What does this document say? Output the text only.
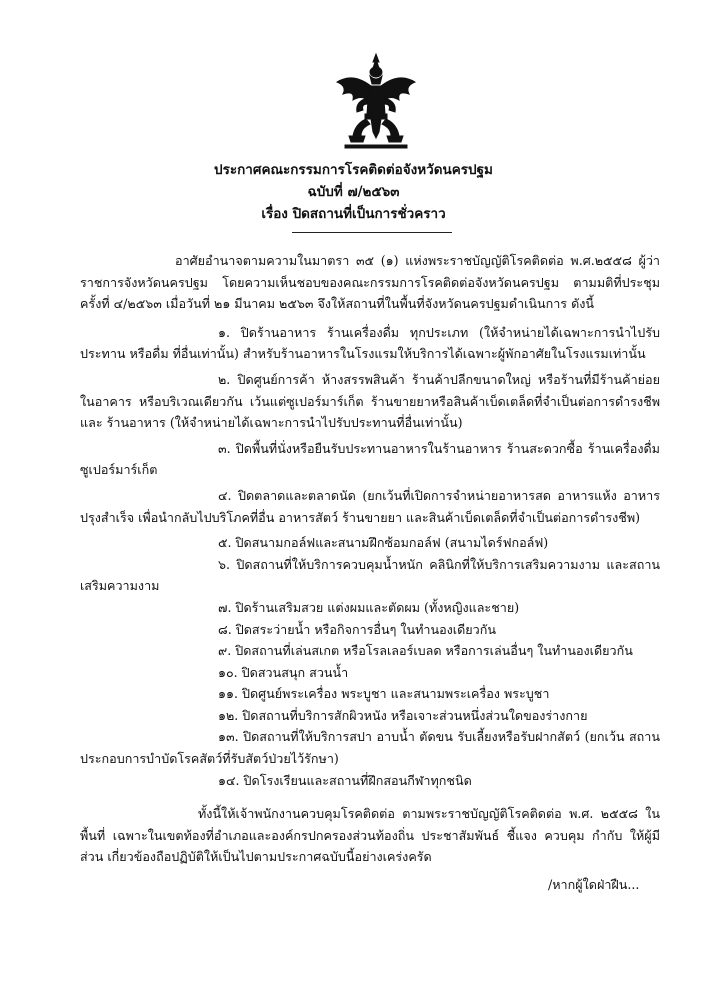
ประกาศคณะกรรมการโรคติดต่อจังหวัดนครปฐม
ฉบับที่ ๗/๒๕๖๓
เรื่อง ปิดสถานที่เป็นการชั่วคราว

อาศัยอำนาจตามความในมาตรา ๓๕ (๑) แห่งพระราชบัญญัติโรคติดต่อ พ.ศ.๒๕๕๘ ผู้ว่าราชการจังหวัดนครปฐม โดยความเห็นชอบของคณะกรรมการโรคติดต่อจังหวัดนครปฐม ตามมติที่ประชุม ครั้งที่ ๔/๒๕๖๓ เมื่อวันที่ ๒๑ มีนาคม ๒๕๖๓ จึงให้สถานที่ในพื้นที่จังหวัดนครปฐมดำเนินการ ดังนี้

๑. ปิดร้านอาหาร ร้านเครื่องดื่ม ทุกประเภท (ให้จำหน่ายได้เฉพาะการนำไปรับประทาน หรือดื่ม ที่อื่นเท่านั้น) สำหรับร้านอาหารในโรงแรมให้บริการได้เฉพาะผู้พักอาศัยในโรงแรมเท่านั้น

๒. ปิดศูนย์การค้า ห้างสรรพสินค้า ร้านค้าปลีกขนาดใหญ่ หรือร้านที่มีร้านค้าย่อยในอาคาร หรือบริเวณเดียวกัน เว้นแต่ซูเปอร์มาร์เก็ต ร้านขายยาหรือสินค้าเบ็ดเตล็ดที่จำเป็นต่อการดำรงชีพ และ ร้านอาหาร (ให้จำหน่ายได้เฉพาะการนำไปรับประทานที่อื่นเท่านั้น)

๓. ปิดพื้นที่นั่งหรือยืนรับประทานอาหารในร้านอาหาร ร้านสะดวกซื้อ ร้านเครื่องดื่ม ซูเปอร์มาร์เก็ต

๔. ปิดตลาดและตลาดนัด (ยกเว้นที่เปิดการจำหน่ายอาหารสด อาหารแห้ง อาหารปรุงสำเร็จ เพื่อนำกลับไปบริโภคที่อื่น อาหารสัตว์ ร้านขายยา และสินค้าเบ็ดเตล็ดที่จำเป็นต่อการดำรงชีพ)

๕. ปิดสนามกอล์ฟและสนามฝึกซ้อมกอล์ฟ (สนามไดร์ฟกอล์ฟ)

๖. ปิดสถานที่ให้บริการควบคุมน้ำหนัก คลินิกที่ให้บริการเสริมความงาม และสถานเสริมความงาม

๗. ปิดร้านเสริมสวย แต่งผมและตัดผม (ทั้งหญิงและชาย)

๘. ปิดสระว่ายน้ำ หรือกิจการอื่นๆ ในทำนองเดียวกัน

๙. ปิดสถานที่เล่นสเกต หรือโรลเลอร์เบลด หรือการเล่นอื่นๆ ในทำนองเดียวกัน

๑๐. ปิดสวนสนุก สวนน้ำ

๑๑. ปิดศูนย์พระเครื่อง พระบูชา และสนามพระเครื่อง พระบูชา

๑๒. ปิดสถานที่บริการสักผิวหนัง หรือเจาะส่วนหนึ่งส่วนใดของร่างกาย

๑๓. ปิดสถานที่ให้บริการสปา อาบน้ำ ตัดขน รับเลี้ยงหรือรับฝากสัตว์ (ยกเว้น สถานประกอบการบำบัดโรคสัตว์ที่รับสัตว์ป่วยไว้รักษา)

๑๔. ปิดโรงเรียนและสถานที่ฝึกสอนกีฬาทุกชนิด

ทั้งนี้ให้เจ้าพนักงานควบคุมโรคติดต่อ ตามพระราชบัญญัติโรคติดต่อ พ.ศ. ๒๕๕๘ ในพื้นที่ เฉพาะในเขตท้องที่อำเภอและองค์กรปกครองส่วนท้องถิ่น ประชาสัมพันธ์ ชี้แจง ควบคุม กำกับ ให้ผู้มีส่วน เกี่ยวข้องถือปฏิบัติให้เป็นไปตามประกาศฉบับนี้อย่างเคร่งครัด

/หากผู้ใดฝ่าฝืน...
